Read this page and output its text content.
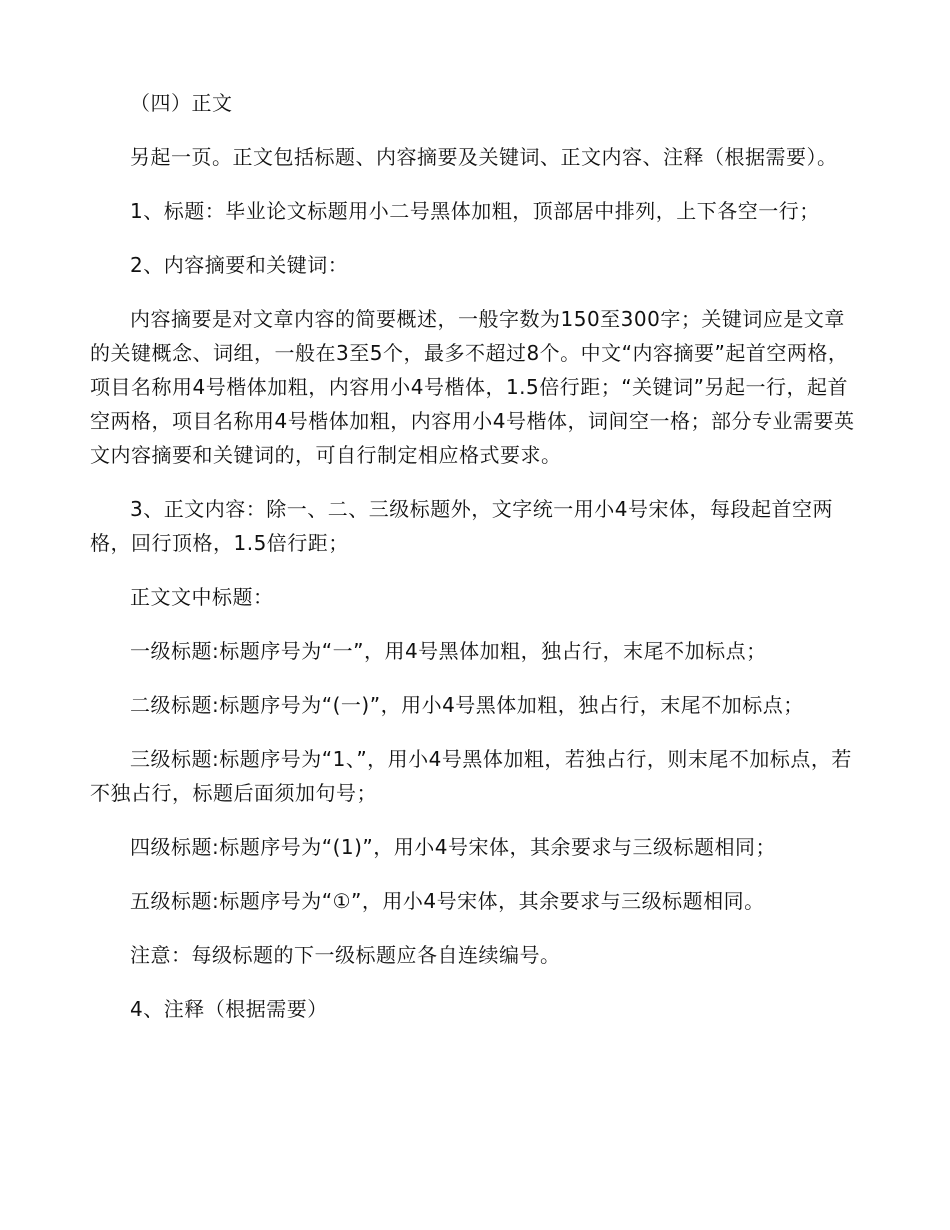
（四）正文

另起一页。正文包括标题、内容摘要及关键词、正文内容、注释（根据需要）。

1、标题：毕业论文标题用小二号黑体加粗，顶部居中排列，上下各空一行；

2、内容摘要和关键词：

内容摘要是对文章内容的简要概述，一般字数为150至300字；关键词应是文章的关键概念、词组，一般在3至5个，最多不超过8个。中文“内容摘要”起首空两格，项目名称用4号楷体加粗，内容用小4号楷体，1.5倍行距；“关键词”另起一行，起首空两格，项目名称用4号楷体加粗，内容用小4号楷体，词间空一格；部分专业需要英文内容摘要和关键词的，可自行制定相应格式要求。

3、正文内容：除一、二、三级标题外，文字统一用小4号宋体，每段起首空两格，回行顶格，1.5倍行距；

正文文中标题：

一级标题:标题序号为“一”，用4号黑体加粗，独占行，末尾不加标点；

二级标题:标题序号为“(一)”，用小4号黑体加粗，独占行，末尾不加标点；

三级标题:标题序号为“1、”，用小4号黑体加粗，若独占行，则末尾不加标点，若不独占行，标题后面须加句号；

四级标题:标题序号为“(1)”，用小4号宋体，其余要求与三级标题相同；

五级标题:标题序号为“①”，用小4号宋体，其余要求与三级标题相同。

注意：每级标题的下一级标题应各自连续编号。

4、注释（根据需要）
